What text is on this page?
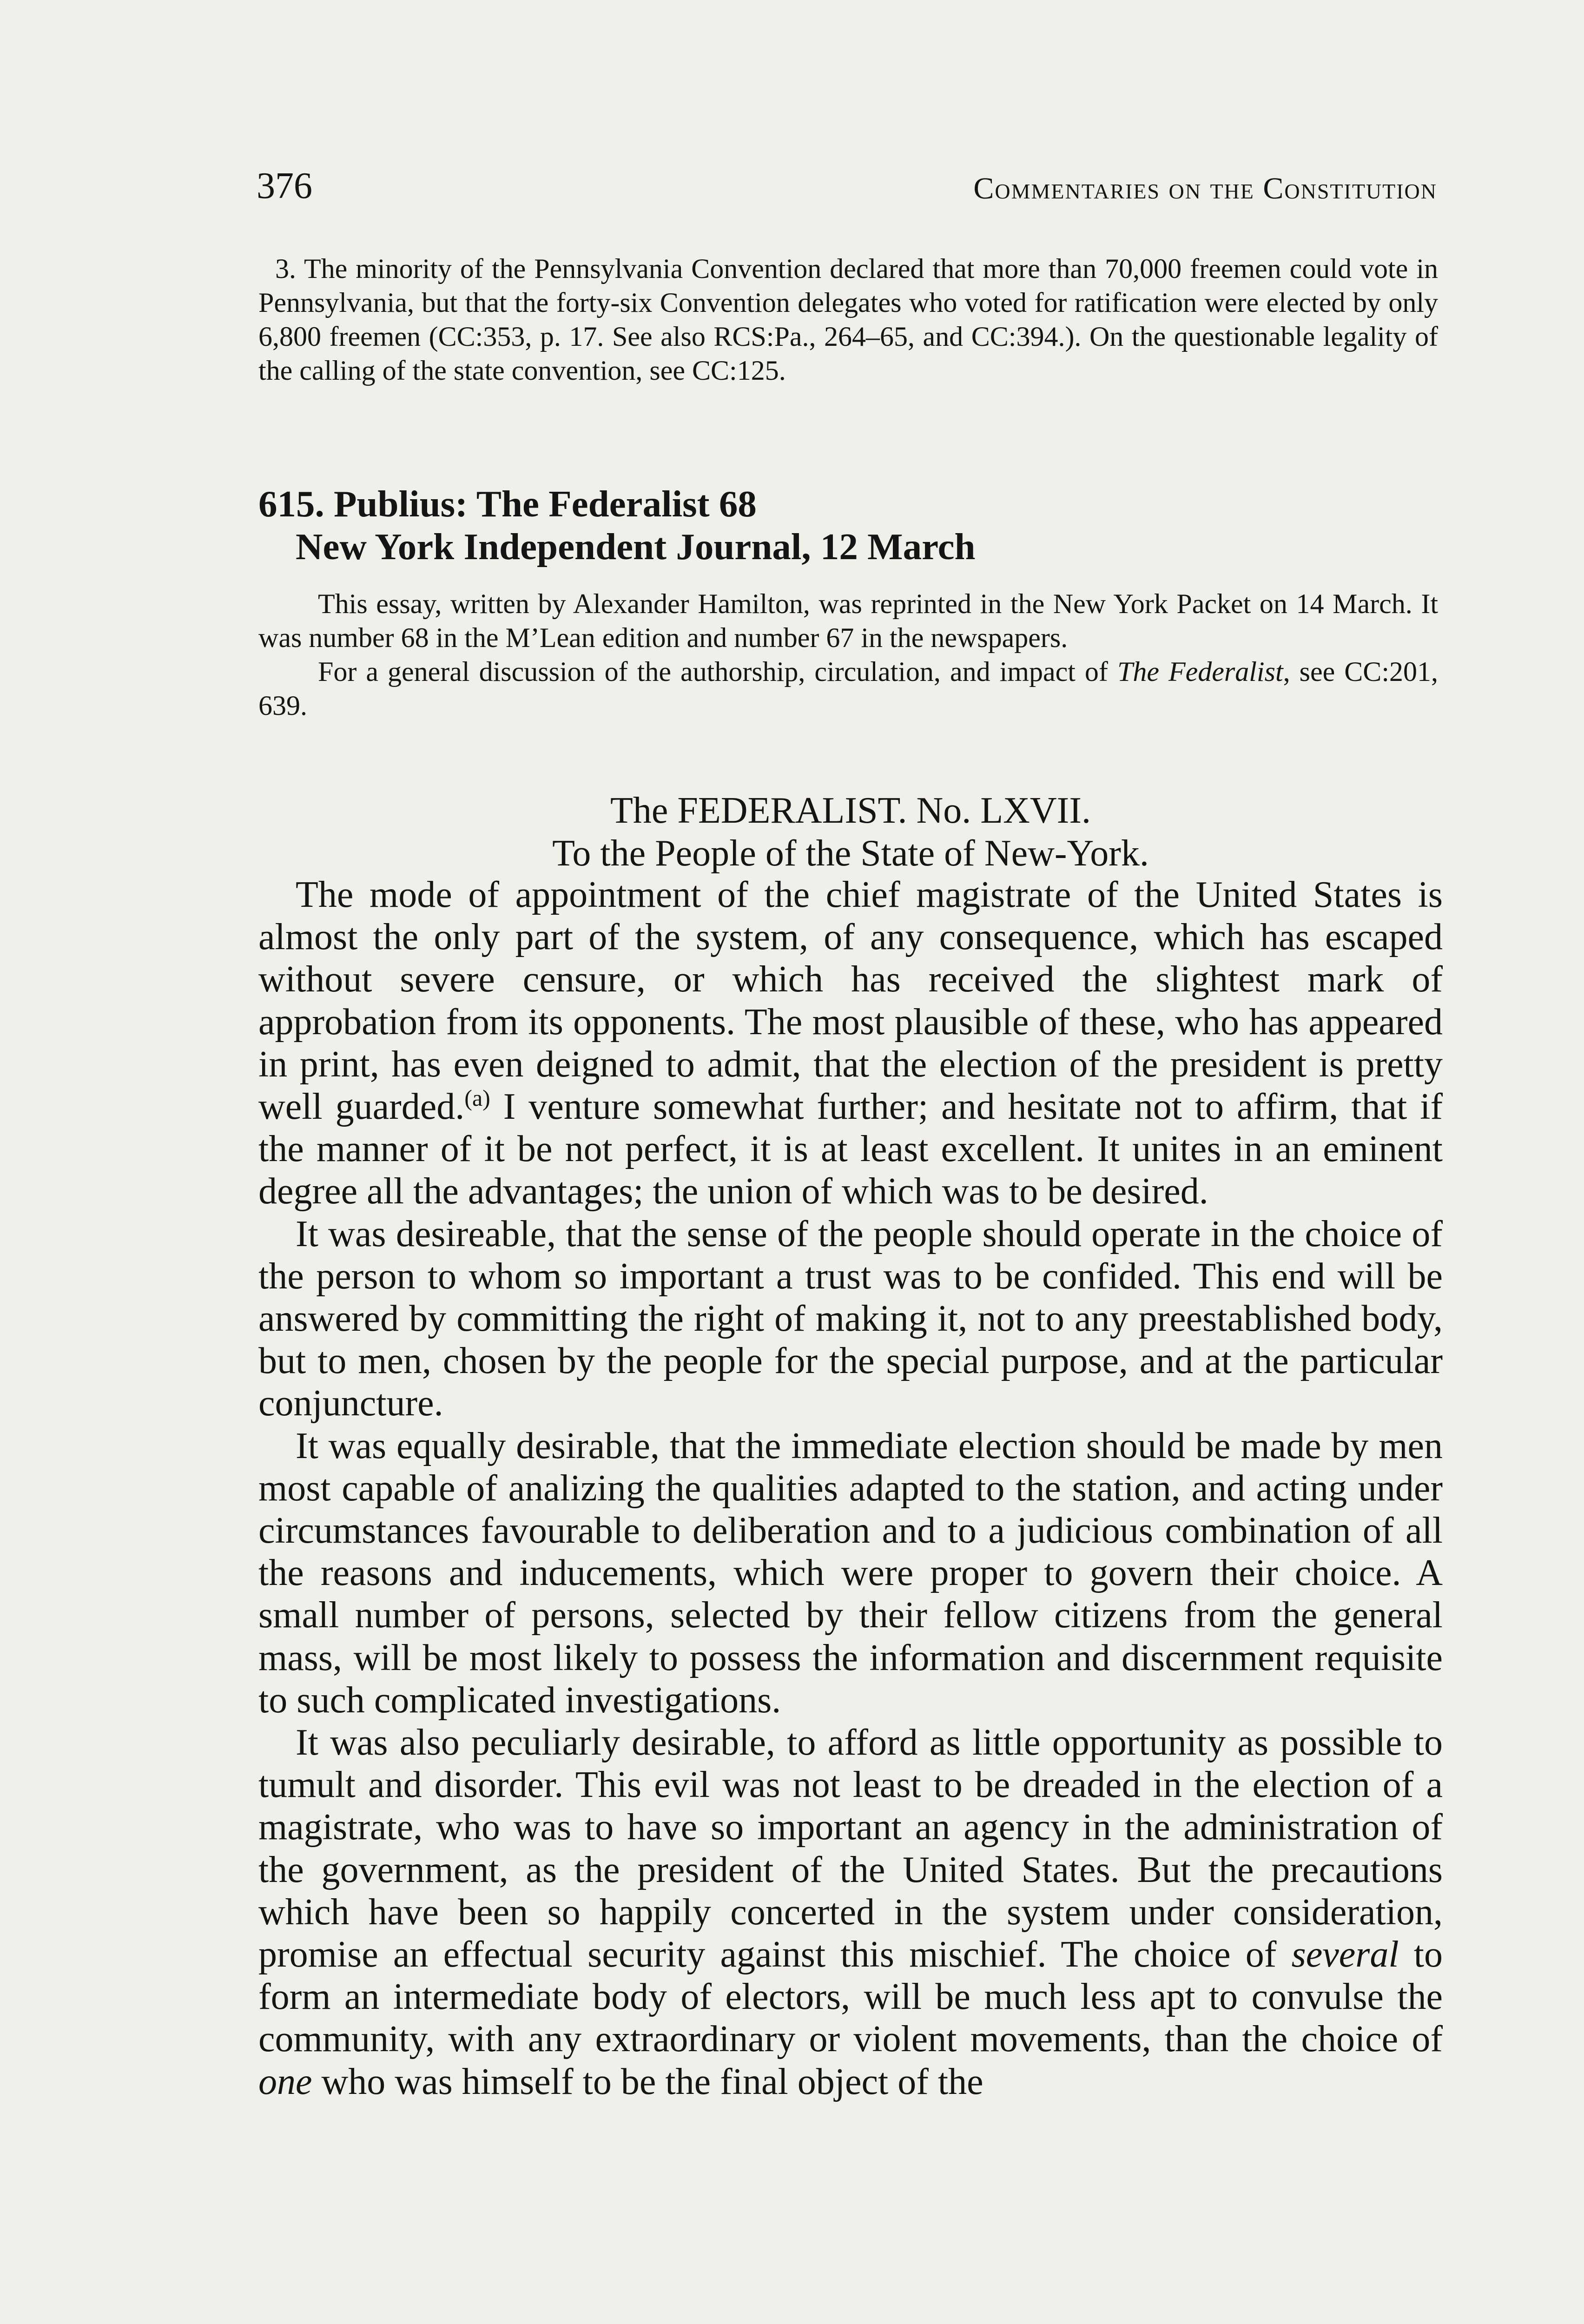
376	Commentaries on the Constitution

3. The minority of the Pennsylvania Convention declared that more than 70,000 freemen could vote in Pennsylvania, but that the forty-six Convention delegates who voted for ratification were elected by only 6,800 freemen (CC:353, p. 17. See also RCS:Pa., 264–65, and CC:394.). On the questionable legality of the calling of the state convention, see CC:125.

615. Publius: The Federalist 68
New York Independent Journal, 12 March

This essay, written by Alexander Hamilton, was reprinted in the New York Packet on 14 March. It was number 68 in the M’Lean edition and number 67 in the newspapers.

For a general discussion of the authorship, circulation, and impact of The Federalist, see CC:201, 639.

The FEDERALIST. No. LXVII.
To the People of the State of New-York.

The mode of appointment of the chief magistrate of the United States is almost the only part of the system, of any consequence, which has escaped without severe censure, or which has received the slightest mark of approbation from its opponents. The most plausible of these, who has appeared in print, has even deigned to admit, that the election of the president is pretty well guarded.$^{(a)}$ I venture somewhat further; and hesitate not to affirm, that if the manner of it be not perfect, it is at least excellent. It unites in an eminent degree all the advantages; the union of which was to be desired.

It was desireable, that the sense of the people should operate in the choice of the person to whom so important a trust was to be confided. This end will be answered by committing the right of making it, not to any preestablished body, but to men, chosen by the people for the special purpose, and at the particular conjuncture.

It was equally desirable, that the immediate election should be made by men most capable of analizing the qualities adapted to the station, and acting under circumstances favourable to deliberation and to a judicious combination of all the reasons and inducements, which were proper to govern their choice. A small number of persons, selected by their fellow citizens from the general mass, will be most likely to possess the information and discernment requisite to such complicated investigations.

It was also peculiarly desirable, to afford as little opportunity as possible to tumult and disorder. This evil was not least to be dreaded in the election of a magistrate, who was to have so important an agency in the administration of the government, as the president of the United States. But the precautions which have been so happily concerted in the system under consideration, promise an effectual security against this mischief. The choice of several to form an intermediate body of electors, will be much less apt to convulse the community, with any extraordinary or violent movements, than the choice of one who was himself to be the final object of the
